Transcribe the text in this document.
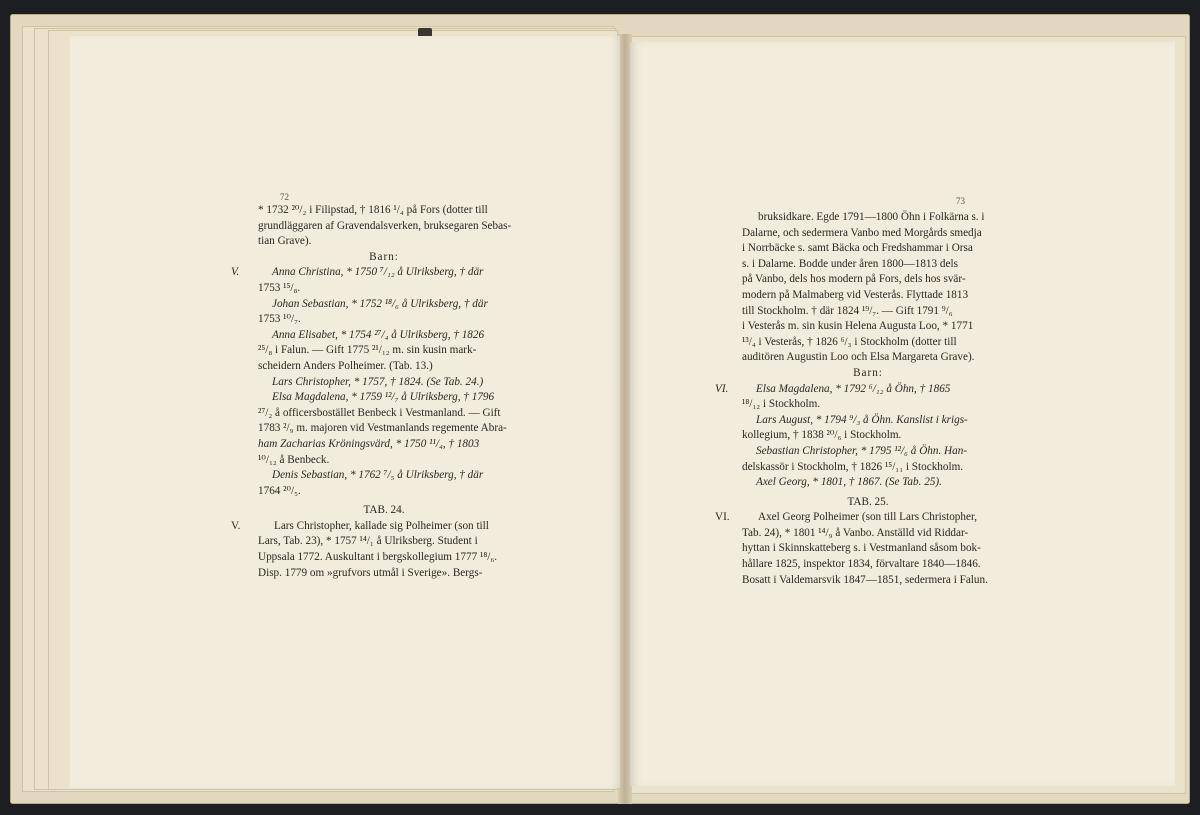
72
* 1732 ²⁰/₂ i Filipstad, † 1816 ¹/₄ på Fors (dotter till
grundläggaren af Gravendalsverken, bruksegaren Sebas-
tian Grave).
Barn:
V.	Anna Christina, * 1750 ⁷/₁₂ å Ulriksberg, † där
1753 ¹⁵/₈.
Johan Sebastian, * 1752 ¹⁸/₆ å Ulriksberg, † där
1753 ¹⁰/₇.
Anna Elisabet, * 1754 ²⁷/₄ å Ulriksberg, † 1826
²⁵/₈ i Falun. — Gift 1775 ²¹/₁₂ m. sin kusin mark-
scheidern Anders Polheimer. (Tab. 13.)
Lars Christopher, * 1757, † 1824. (Se Tab. 24.)
Elsa Magdalena, * 1759 ¹²/₇ å Ulriksberg, † 1796
²⁷/₂ å officersbostället Benbeck i Vestmanland. — Gift
1783 ²/₉ m. majoren vid Vestmanlands regemente Abra-
ham Zacharias Kröningsvärd, * 1750 ¹¹/₄, † 1803
¹⁰/₁₂ å Benbeck.
Denis Sebastian, * 1762 ⁷/₅ å Ulriksberg, † där
1764 ²⁰/₅.
TAB. 24.
V.	Lars Christopher, kallade sig Polheimer (son till
Lars, Tab. 23), * 1757 ¹⁴/₁ å Ulriksberg. Student i
Uppsala 1772. Auskultant i bergskollegium 1777 ¹⁸/₆.
Disp. 1779 om »grufvors utmål i Sverige». Bergs-
73
bruksidkare. Egde 1791—1800 Öhn i Folkärna s. i
Dalarne, och sedermera Vanbo med Morgårds smedja
i Norrbäcke s. samt Bäcka och Fredshammar i Orsa
s. i Dalarne. Bodde under åren 1800—1813 dels
på Vanbo, dels hos modern på Fors, dels hos svär-
modern på Malmaberg vid Vesterås. Flyttade 1813
till Stockholm. † där 1824 ¹⁹/₇. — Gift 1791 ⁹/₆
i Vesterås m. sin kusin Helena Augusta Loo, * 1771
¹³/₄ i Vesterås, † 1826 ⁶/₃ i Stockholm (dotter till
auditören Augustin Loo och Elsa Margareta Grave).
Barn:
VI. Elsa Magdalena, * 1792 ⁶/₁₂ å Öhn, † 1865
¹⁸/₁₂ i Stockholm.
Lars August, * 1794 ⁹/₃ å Öhn. Kanslist i krigs-
kollegium, † 1838 ²⁰/₆ i Stockholm.
Sebastian Christopher, * 1795 ¹²/₆ å Öhn. Han-
delskassör i Stockholm, † 1826 ¹⁵/₁₁ i Stockholm.
Axel Georg, * 1801, † 1867. (Se Tab. 25).
TAB. 25.
VI.	Axel Georg Polheimer (son till Lars Christopher,
Tab. 24), * 1801 ¹⁴/₉ å Vanbo. Anställd vid Riddar-
hyttan i Skinnskatteberg s. i Vestmanland såsom bok-
hållare 1825, inspektor 1834, förvaltare 1840—1846.
Bosatt i Valdemarsvik 1847—1851, sedermera i Falun.
